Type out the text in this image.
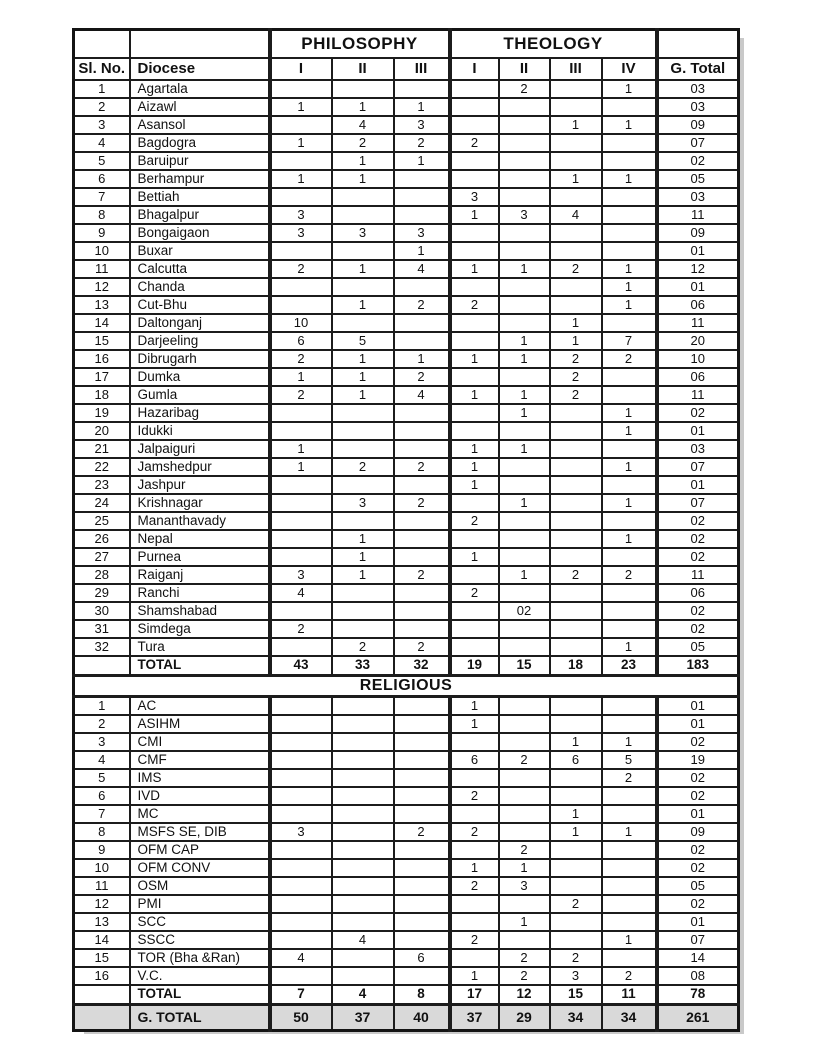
		PHILOSOPHY			THEOLOGY				
Sl. No.	Diocese	I	II	III	I	II	III	IV	G. Total
1	Agartala					2		1	03
2	Aizawl	1	1	1					03
3	Asansol		4	3			1	1	09
4	Bagdogra	1	2	2	2				07
5	Baruipur		1	1					02
6	Berhampur	1	1				1	1	05
7	Bettiah				3				03
8	Bhagalpur	3			1	3	4		11
9	Bongaigaon	3	3	3					09
10	Buxar			1					01
11	Calcutta	2	1	4	1	1	2	1	12
12	Chanda							1	01
13	Cut-Bhu		1	2	2			1	06
14	Daltonganj	10					1		11
15	Darjeeling	6	5			1	1	7	20
16	Dibrugarh	2	1	1	1	1	2	2	10
17	Dumka	1	1	2			2		06
18	Gumla	2	1	4	1	1	2		11
19	Hazaribag					1		1	02
20	Idukki							1	01
21	Jalpaiguri	1			1	1			03
22	Jamshedpur	1	2	2	1			1	07
23	Jashpur				1				01
24	Krishnagar		3	2		1		1	07
25	Mananthavady				2				02
26	Nepal		1					1	02
27	Purnea		1		1				02
28	Raiganj	3	1	2		1	2	2	11
29	Ranchi	4			2				06
30	Shamshabad					02			02
31	Simdega	2							02
32	Tura		2	2				1	05
	TOTAL	43	33	32	19	15	18	23	183
RELIGIOUS									
1	AC				1				01
2	ASIHM				1				01
3	CMI						1	1	02
4	CMF				6	2	6	5	19
5	IMS							2	02
6	IVD				2				02
7	MC						1		01
8	MSFS SE, DIB	3		2	2		1	1	09
9	OFM CAP					2			02
10	OFM CONV				1	1			02
11	OSM				2	3			05
12	PMI						2		02
13	SCC					1			01
14	SSCC		4		2			1	07
15	TOR (Bha &Ran)	4		6		2	2		14
16	V.C.				1	2	3	2	08
	TOTAL	7	4	8	17	12	15	11	78
	G. TOTAL	50	37	40	37	29	34	34	261
